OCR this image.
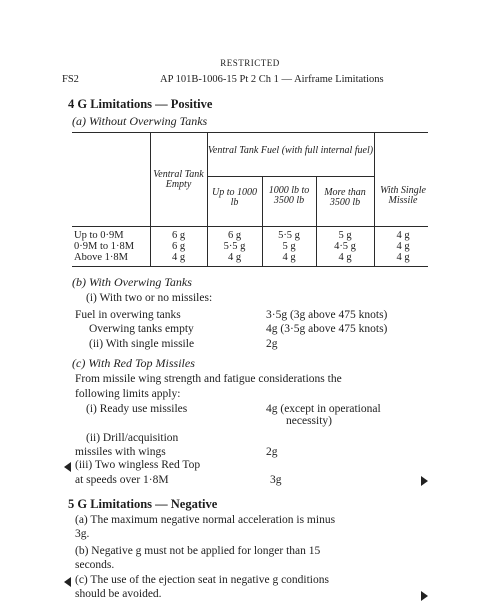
RESTRICTED
FS2	AP 101B-1006-15 Pt 2 Ch 1 — Airframe Limitations
4 G Limitations — Positive
(a) Without Overwing Tanks
Ventral Tank Empty
Ventral Tank Fuel (with full internal fuel)
Up to 1000 lb
1000 lb to 3500 lb
More than 3500 lb
With Single Missile
Up to 0·9M	6 g	6 g	5·5 g	5 g	4 g
0·9M to 1·8M	6 g	5·5 g	5 g	4·5 g	4 g
Above 1·8M	4 g	4 g	4 g	4 g	4 g
(b) With Overwing Tanks
(i) With two or no missiles:
Fuel in overwing tanks	3·5g (3g above 475 knots)
Overwing tanks empty	4g (3·5g above 475 knots)
(ii) With single missile	2g
(c) With Red Top Missiles
From missile wing strength and fatigue considerations the
following limits apply:
(i) Ready use missiles	4g (except in operational
necessity)
(ii) Drill/acquisition
missiles with wings	2g
(iii) Two wingless Red Top
at speeds over 1·8M	3g
5 G Limitations — Negative
(a) The maximum negative normal acceleration is minus
3g.
(b) Negative g must not be applied for longer than 15
seconds.
(c) The use of the ejection seat in negative g conditions
should be avoided.
